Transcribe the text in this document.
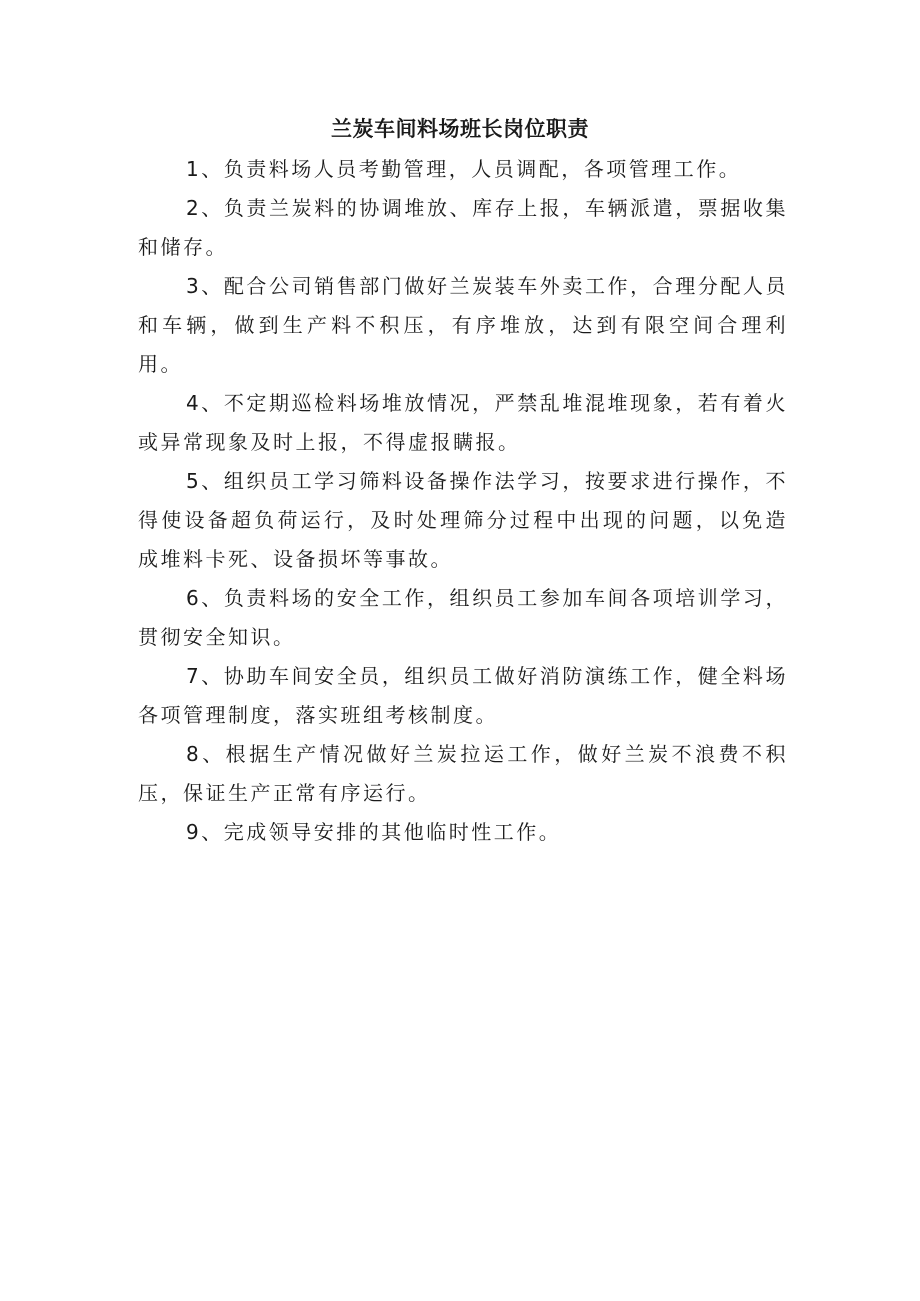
兰炭车间料场班长岗位职责
1、负责料场人员考勤管理，人员调配，各项管理工作。
2、负责兰炭料的协调堆放、库存上报，车辆派遣，票据收集和储存。
3、配合公司销售部门做好兰炭装车外卖工作，合理分配人员和车辆，做到生产料不积压，有序堆放，达到有限空间合理利用。
4、不定期巡检料场堆放情况，严禁乱堆混堆现象，若有着火或异常现象及时上报，不得虚报瞒报。
5、组织员工学习筛料设备操作法学习，按要求进行操作，不得使设备超负荷运行，及时处理筛分过程中出现的问题，以免造成堆料卡死、设备损坏等事故。
6、负责料场的安全工作，组织员工参加车间各项培训学习，贯彻安全知识。
7、协助车间安全员，组织员工做好消防演练工作，健全料场各项管理制度，落实班组考核制度。
8、根据生产情况做好兰炭拉运工作，做好兰炭不浪费不积压，保证生产正常有序运行。
9、完成领导安排的其他临时性工作。
